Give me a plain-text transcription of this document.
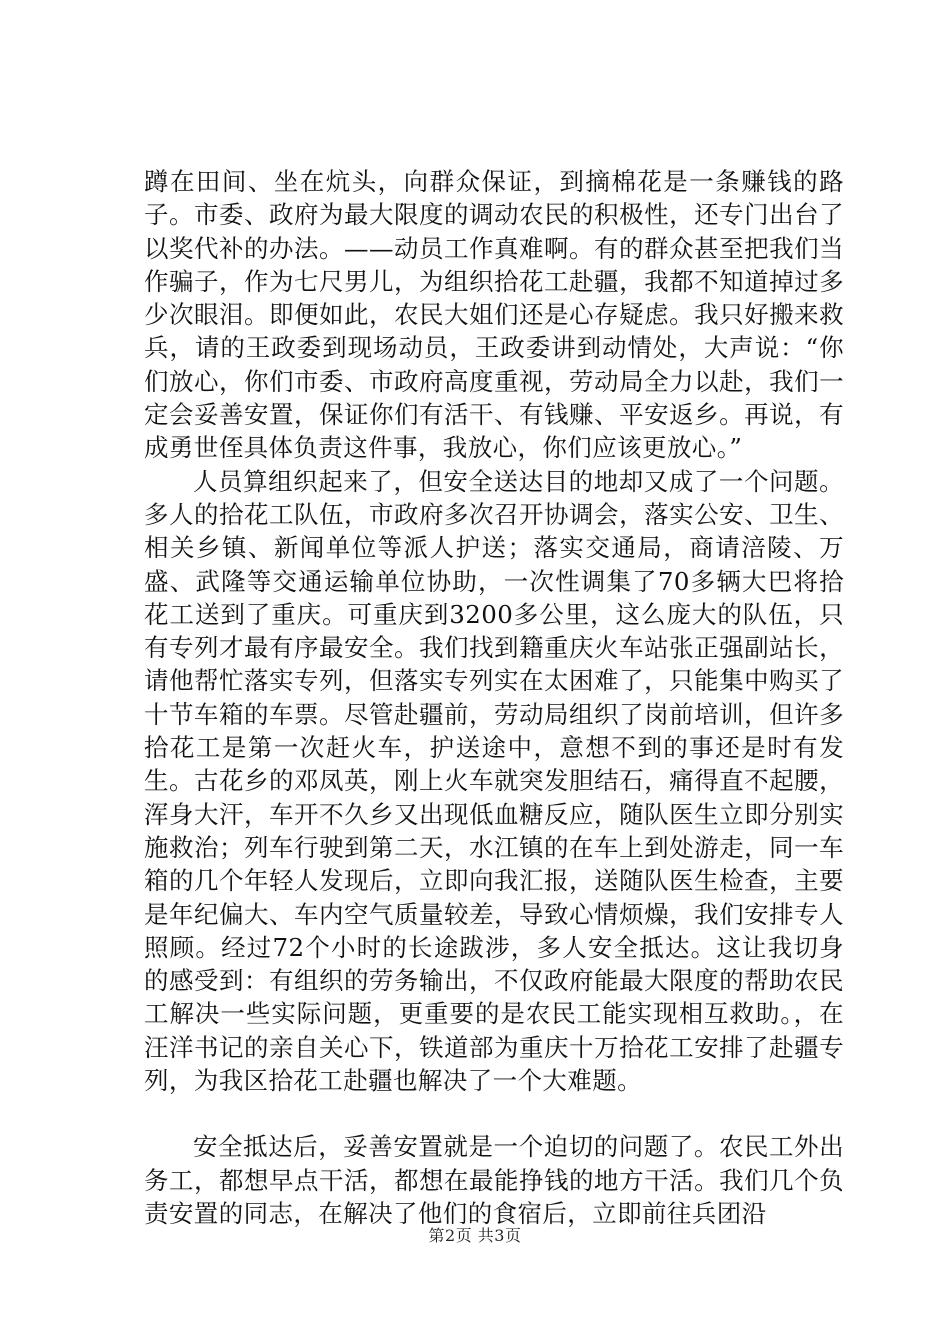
蹲在田间、坐在炕头，向群众保证，到摘棉花是一条赚钱的路子。市委、政府为最大限度的调动农民的积极性，还专门出台了以奖代补的办法。——动员工作真难啊。有的群众甚至把我们当作骗子，作为七尺男儿，为组织拾花工赴疆，我都不知道掉过多少次眼泪。即便如此，农民大姐们还是心存疑虑。我只好搬来救兵，请的王政委到现场动员，王政委讲到动情处，大声说：“你们放心，你们市委、市政府高度重视，劳动局全力以赴，我们一定会妥善安置，保证你们有活干、有钱赚、平安返乡。再说，有成勇世侄具体负责这件事，我放心，你们应该更放心。”

人员算组织起来了，但安全送达目的地却又成了一个问题。多人的拾花工队伍，市政府多次召开协调会，落实公安、卫生、相关乡镇、新闻单位等派人护送；落实交通局，商请涪陵、万盛、武隆等交通运输单位协助，一次性调集了70多辆大巴将拾花工送到了重庆。可重庆到3200多公里，这么庞大的队伍，只有专列才最有序最安全。我们找到籍重庆火车站张正强副站长，请他帮忙落实专列，但落实专列实在太困难了，只能集中购买了十节车箱的车票。尽管赴疆前，劳动局组织了岗前培训，但许多拾花工是第一次赶火车，护送途中，意想不到的事还是时有发生。古花乡的邓凤英，刚上火车就突发胆结石，痛得直不起腰，浑身大汗，车开不久乡又出现低血糖反应，随队医生立即分别实施救治；列车行驶到第二天，水江镇的在车上到处游走，同一车箱的几个年轻人发现后，立即向我汇报，送随队医生检查，主要是年纪偏大、车内空气质量较差，导致心情烦燥，我们安排专人照顾。经过72个小时的长途跋涉，多人安全抵达。这让我切身的感受到：有组织的劳务输出，不仅政府能最大限度的帮助农民工解决一些实际问题，更重要的是农民工能实现相互救助。，在汪洋书记的亲自关心下，铁道部为重庆十万拾花工安排了赴疆专列，为我区拾花工赴疆也解决了一个大难题。

安全抵达后，妥善安置就是一个迫切的问题了。农民工外出务工，都想早点干活，都想在最能挣钱的地方干活。我们几个负责安置的同志，在解决了他们的食宿后，立即前往兵团沿

第2页 共3页
